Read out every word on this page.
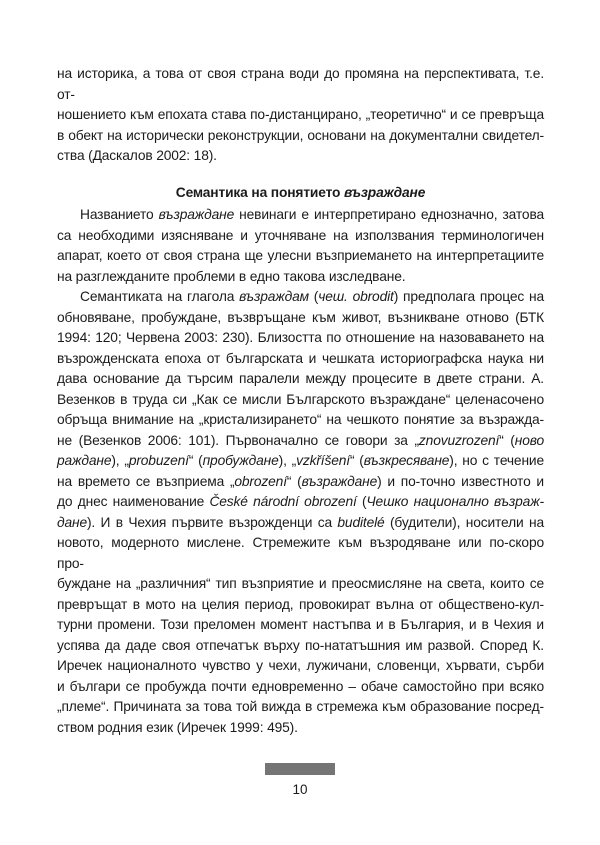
на историка, а това от своя страна води до промяна на перспективата, т.е. от-
ношението към епохата става по-дистанцирано, „теоретично“ и се превръща
в обект на исторически реконструкции, основани на документални свидетел-
ства (Даскалов 2002: 18).
Семантика на понятието възраждане
Названието възраждане невинаги е интерпретирано еднозначно, затова
са необходими изясняване и уточняване на използвания терминологичен
апарат, което от своя страна ще улесни възприемането на интерпретациите
на разглежданите проблеми в едно такова изследване.
Семантиката на глагола възраждам (чеш. obrodit) предполага процес на
обновяване, пробуждане, възвръщане към живот, възникване отново (БТК
1994: 120; Червена 2003: 230). Близостта по отношение на назоваването на
възрожденската епоха от българската и чешката историографска наука ни
дава основание да търсим паралели между процесите в двете страни. А.
Везенков в труда си „Как се мисли Българското възраждане“ целенасочено
обръща внимание на „кристализирането“ на чешкото понятие за възражда-
не (Везенков 2006: 101). Първоначално се говори за „znovuzrození“ (ново
раждане), „probuzení“ (пробуждане), „vzkříšení“ (възкресяване), но с течение
на времето се възприема „obrození“ (възраждане) и по-точно известното и
до днес наименование České národní obrození (Чешко национално възраж-
дане). И в Чехия първите възрожденци са buditelé (будители), носители на
новото, модерното мислене. Стремежите към възродяване или по-скоро про-
буждане на „различния“ тип възприятие и преосмисляне на света, които се
превръщат в мото на целия период, провокират вълна от обществено-кул-
турни промени. Този преломен момент настъпва и в България, и в Чехия и
успява да даде своя отпечатък върху по-нататъшния им развой. Според К.
Иречек националното чувство у чехи, лужичани, словенци, хървати, сърби
и българи се пробужда почти едновременно – обаче самостойно при всяко
„племе“. Причината за това той вижда в стремежа към образование посред-
ством родния език (Иречек 1999: 495).
10
